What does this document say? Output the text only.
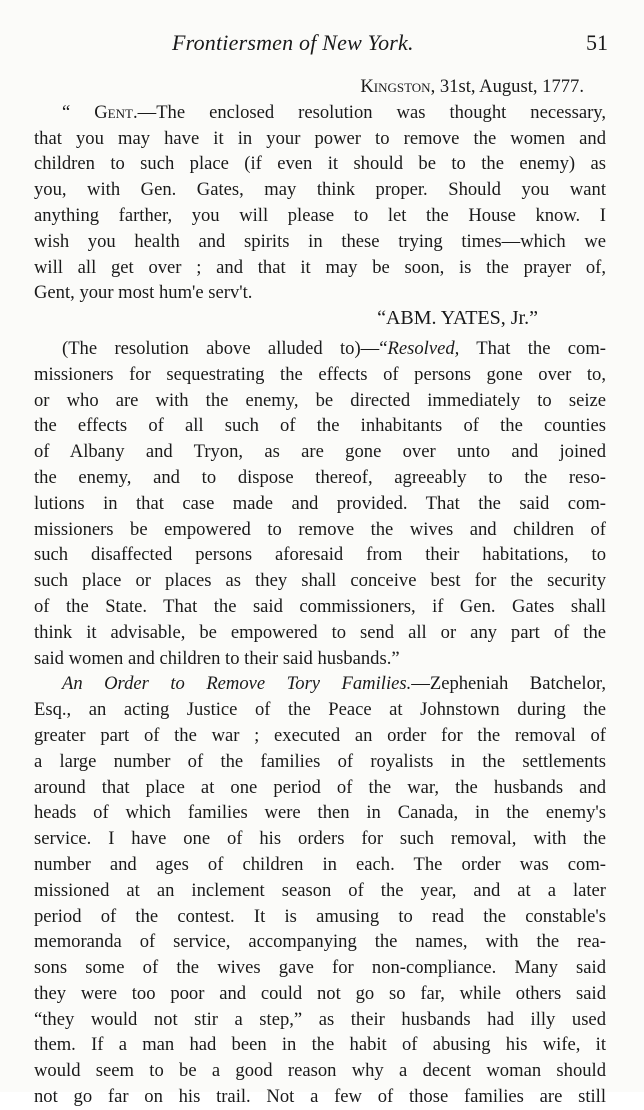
Frontiersmen of New York.	51
Kingston, 31st, August, 1777.
“ Gent.—The enclosed resolution was thought necessary,
that you may have it in your power to remove the women and
children to such place (if even it should be to the enemy) as
you, with Gen. Gates, may think proper. Should you want
anything farther, you will please to let the House know. I
wish you health and spirits in these trying times—which we
will all get over ; and that it may be soon, is the prayer of,
Gent, your most hum'e serv't.
“ABM. YATES, Jr.”
(The resolution above alluded to)—“Resolved, That the com-
missioners for sequestrating the effects of persons gone over to,
or who are with the enemy, be directed immediately to seize
the effects of all such of the inhabitants of the counties
of Albany and Tryon, as are gone over unto and joined
the enemy, and to dispose thereof, agreeably to the reso-
lutions in that case made and provided. That the said com-
missioners be empowered to remove the wives and children of
such disaffected persons aforesaid from their habitations, to
such place or places as they shall conceive best for the security
of the State. That the said commissioners, if Gen. Gates shall
think it advisable, be empowered to send all or any part of the
said women and children to their said husbands.”
An Order to Remove Tory Families.—Zepheniah Batchelor,
Esq., an acting Justice of the Peace at Johnstown during the
greater part of the war ; executed an order for the removal of
a large number of the families of royalists in the settlements
around that place at one period of the war, the husbands and
heads of which families were then in Canada, in the enemy's
service. I have one of his orders for such removal, with the
number and ages of children in each. The order was com-
missioned at an inclement season of the year, and at a later
period of the contest. It is amusing to read the constable's
memoranda of service, accompanying the names, with the rea-
sons some of the wives gave for non-compliance. Many said
they were too poor and could not go so far, while others said
“they would not stir a step,” as their husbands had illy used
them. If a man had been in the habit of abusing his wife, it
would seem to be a good reason why a decent woman should
not go far on his trail. Not a few of those families are still
